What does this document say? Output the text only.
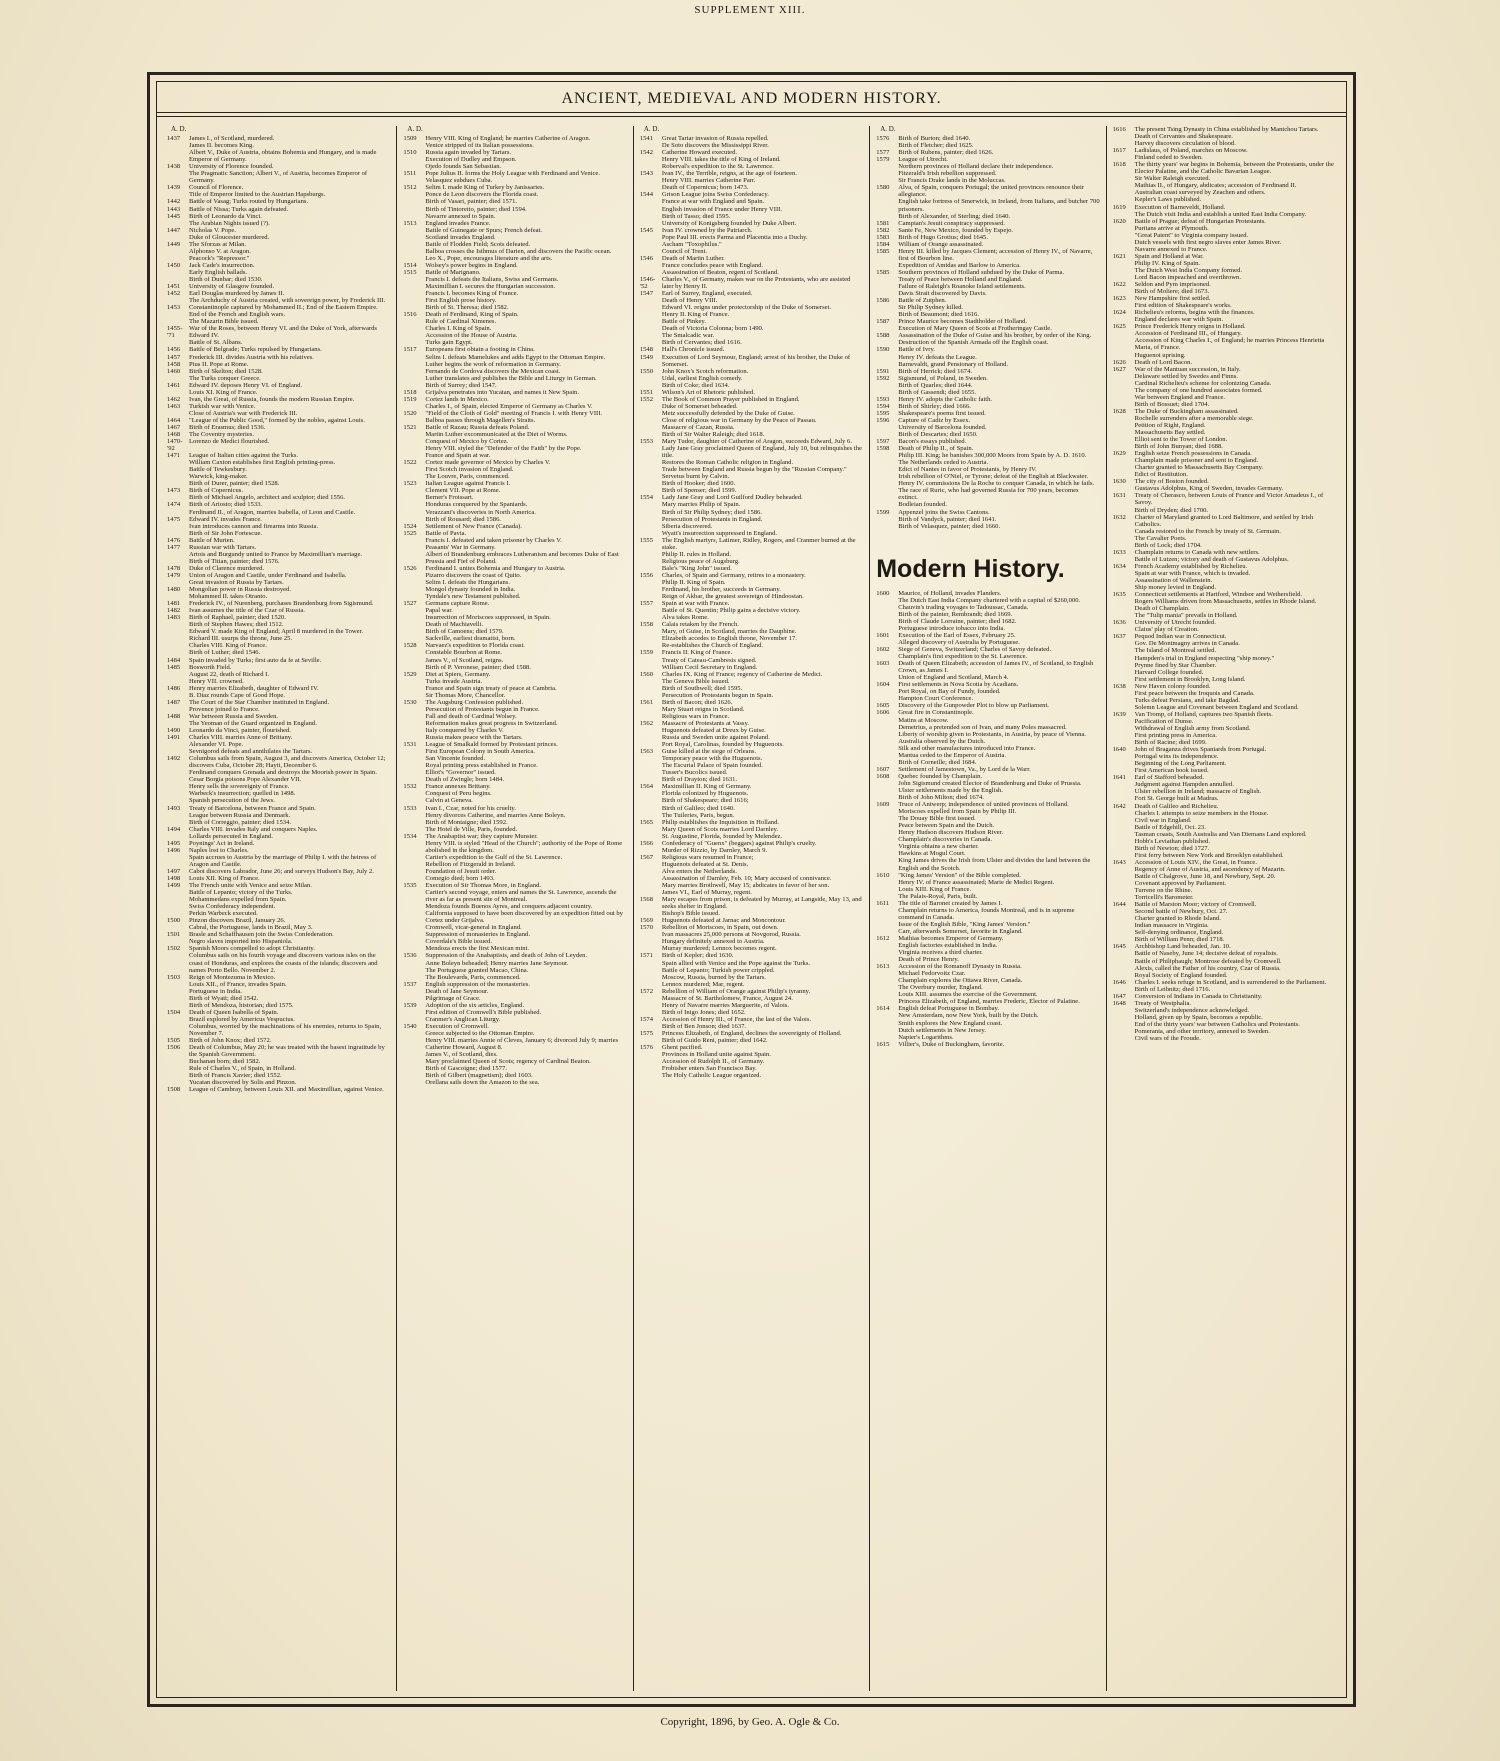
SUPPLEMENT XIII.
ANCIENT, MEDIEVAL AND MODERN HISTORY.
A. D.
1437	James I., of Scotland, murdered.
James II. becomes King.
Albert V., Duke of Austria, obtains Bohemia and Hungary, and is made Emperor of Germany.
1438	University of Florence founded.
The Pragmatic Sanction; Albert V., of Austria, becomes Emperor of Germany.
1439	Council of Florence.
Title of Emperor limited to the Austrian Hapsburgs.
1442	Battle of Vasag; Turks routed by Hungarians.
1443	Battle of Nissa; Turks again defeated.
1445	Birth of Leonardo da Vinci.
The Arabian Nights issued (?).
1447	Nicholas V. Pope.
Duke of Gloucester murdered.
1449	The Sforzas at Milan.
Alphonso V. at Aragon.
Peacock's "Repressor."
1450	Jack Cade's insurrection.
Early English ballads.
Birth of Dunbar; died 1530.
1451	University of Glasgow founded.
1452	Earl Douglas murdered by James II.
The Archduchy of Austria created, with sovereign power, by Frederick III.
1453	Constantinople captured by Mohammed II.; End of the Eastern Empire.
End of the French and English wars.
The Mazarin Bible issued.
1455-'71
War of the Roses, between Henry VI. and the Duke of York, afterwards Edward IV.
Battle of St. Albans.
1456	Battle of Belgrade; Turks repulsed by Hungarians.
1457	Frederick III. divides Austria with his relatives.
1458	Pius II. Pope at Rome.
1460	Birth of Skelton; died 1528.
The Turks conquer Greece.
1461	Edward IV. deposes Henry VI. of England.
Louis XI. King of France.
1462	Ivan, the Great, of Russia, founds the modern Russian Empire.
1463	Turkish war with Venice.
Close of Austria's war with Frederick III.
1464	"League of the Public Good," formed by the nobles, against Louis.
1467	Birth of Erasmus; died 1536.
1468	The Coventry mysteries.
1470-'92
Lorenzo de Medici flourished.
1471	League of Italian cities against the Turks.
William Caxton establishes first English printing-press.
Battle of Tewkesbury.
Warwick, king-maker.
Birth of Durer, painter; died 1528.
1473	Birth of Copernicus.
Birth of Michael Angelo, architect and sculptor; died 1556.
1474	Birth of Ariosto; died 1533.
Ferdinand II., of Aragon, marries Isabella, of Leon and Castile.
1475	Edward IV. invades France.
Ivan introduces cannon and firearms into Russia.
Birth of Sir John Fortescue.
1476	Battle of Murten.
1477	Russian war with Tartars.
Artois and Burgundy united to France by Maximillian's marriage.
Birth of Titian, painter; died 1576.
1478	Duke of Clarence murdered.
1479	Union of Aragon and Castile, under Ferdinand and Isabella.
Great invasion of Russia by Tartars.
1480	Mongolian power in Russia destroyed.
Mohammed II. takes Otranto.
1481	Frederick IV., of Nurenberg, purchases Brandenburg from Sigismund.
1482	Ivan assumes the title of the Czar of Russia.
1483	Birth of Raphael, painter; died 1520.
Birth of Stephen Hawes; died 1512.
Edward V. made King of England; April 8 murdered in the Tower.
Richard III. usurps the throne, June 25.
Charles VIII. King of France.
Birth of Luther; died 1546.
1484	Spain invaded by Turks; first auto da fe at Seville.
1485	Bosworth Field.
August 22, death of Richard I.
Henry VII. crowned.
1486	Henry marries Elizabeth, daughter of Edward IV.
B. Diaz rounds Cape of Good Hope.
1487	The Court of the Star Chamber instituted in England.
Provence joined to France.
1488	War between Russia and Sweden.
The Yeoman of the Guard organized in England.
1490	Leonardo da Vinci, painter, flourished.
1491	Charles VIII. marries Anne of Brittany.
Alexander VI. Pope.
Sevnigorod defeats and annihilates the Tartars.
1492	Columbus sails from Spain, August 3, and discovers America, October 12; discovers Cuba, October 28; Hayti, December 6.
Ferdinand conquers Grenada and destroys the Moorish power in Spain.
Cesar Borgia poisons Pope Alexander VII.
Henry sells the sovereignty of France.
Warbeck's insurrection; quelled in 1498.
Spanish persecution of the Jews.
1493	Treaty of Barcelona, between France and Spain.
League between Russia and Denmark.
Birth of Correggio, painter; died 1534.
1494	Charles VIII. invades Italy and conquers Naples.
Lollards persecuted in England.
1495	Poynings' Act in Ireland.
1496	Naples lost to Charles.
Spain accrues to Austria by the marriage of Philip I. with the heiress of Aragon and Castile.
1497	Cabot discovers Labrador, June 26; and surveys Hudson's Bay, July 2.
1498	Louis XII. King of France.
1499	The French unite with Venice and seize Milan.
Battle of Lepanto; victory of the Turks.
Mohammedans expelled from Spain.
Swiss Confederacy independent.
Perkin Warbeck executed.
1500	Pinzon discovers Brazil, January 26.
Cabral, the Portuguese, lands in Brazil, May 3.
1501	Brasle and Schaffhausen join the Swiss Confederation.
Negro slaves imported into Hispaniola.
1502	Spanish Moors compelled to adopt Christianity.
Columbus sails on his fourth voyage and discovers various isles on the coast of Honduras, and explores the coasts of the islands; discovers and names Porto Bello. November 2.
1503	Reign of Montezuma in Mexico.
Louis XII., of France, invades Spain.
Portuguese in India.
Birth of Wyatt; died 1542.
Birth of Mendoza, historian; died 1575.
1504	Death of Queen Isabella of Spain.
Brazil explored by Americus Vespucius.
Columbus, worried by the machinations of his enemies, returns to Spain, November 7.
1505	Birth of John Knox; died 1572.
1506	Death of Columbus, May 20; he was treated with the basest ingratitude by the Spanish Government.
Buchanan born; died 1582.
Rule of Charles V., of Spain, in Holland.
Birth of Francis Xavier; died 1552.
Yucatan discovered by Solis and Pinzon.
1508	League of Cambray, between Louis XII. and Maximillian, against Venice.
A. D.
1509	Henry VIII. King of England; he marries Catherine of Aragon.
Venice stripped of its Italian possessions.
1510	Russia again invaded by Tartars.
Execution of Dudley and Empson.
Ojedo founds San Sebastian.
1511	Pope Julius II. forms the Holy League with Ferdinand and Venice.
Velasquez subdues Cuba.
1512	Selim I. made King of Turkey by Janissaries.
Ponce de Leon discovers the Florida coast.
Birth of Vasari, painter; died 1571.
Birth of Tintoretto, painter; died 1594.
Navarre annexed to Spain.
1513	England invades France.
Battle of Guinegate or Spurs; French defeat.
Scotland invades England.
Battle of Flodden Field; Scots defeated.
Balboa crosses the Isthmus of Darien, and discovers the Pacific ocean.
Leo X., Pope, encourages literature and the arts.
1514	Wolsey's power begins in England.
1515	Battle of Marignano.
Francis I. defeats the Italians, Swiss and Germans.
Maximillian I. secures the Hungarian succession.
Francis I. becomes King of France.
First English prose history.
Birth of St. Theresa; died 1582.
1516	Death of Ferdinand, King of Spain.
Rule of Cardinal Ximenes.
Charles I. King of Spain.
Accession of the House of Austria.
Turks gain Egypt.
1517	Europeans first obtain a footing in China.
Selim I. defeats Mamelukes and adds Egypt to the Ottoman Empire.
Luther begins the work of reformation in Germany.
Fernando de Cordova discovers the Mexican coast.
Luther translates and publishes the Bible and Liturgy in German.
Birth of Surrey; died 1547.
1518	Grijalva penetrates into Yucatan, and names it New Spain.
1519	Cortez lands in Mexico.
Charles I., of Spain, elected Emperor of Germany as Charles V.
1520	"Field of the Cloth of Gold" meeting of Francis I. with Henry VIII.
Balboa passes through Magellen's Straits.
1521	Battle of Razau; Russia defeats Poland.
Martin Luther excommunicated at the Diet of Worms.
Conquest of Mexico by Cortez.
Henry VIII. styled the "Defender of the Faith" by the Pope.
France and Spain at war.
1522	Cortez made governor of Mexico by Charles V.
First Scotch invasion of England.
The Louvre, Paris, commenced.
1523	Italian League against Francis I.
Clement VII. Pope at Rome.
Berner's Froissart.
Honduras conquered by the Spaniards.
Verazzani's discoveries in North America.
Birth of Rousard; died 1586.
1524	Settlement of New France (Canada).
1525	Battle of Pavia.
Francis I. defeated and taken prisoner by Charles V.
Peasants' War in Germany.
Albert of Brandenburg embraces Lutheranism and becomes Duke of East Prussia and Fief of Poland.
1526	Ferdinand I. unites Bohemia and Hungary to Austria.
Pizarro discovers the coast of Quito.
Selim I. defeats the Hungarians.
Mongol dynasty founded in India.
Tyndale's new Testament published.
1527	Germans capture Rome.
Papal war.
Insurrection of Moriscoes suppressed, in Spain.
Death of Machiavelli.
Birth of Camoens; died 1579.
Sackville, earliest dramatist, born.
1528	Narvaez's expedition to Florida coast.
Constable Bourbon at Rome.
James V., of Scotland, reigns.
Birth of P. Veronese, painter; died 1588.
1529	Diet at Spiers, Germany.
Turks invade Austria.
France and Spain sign treaty of peace at Cambria.
Sir Thomas More, Chancellor.
1530	The Augsburg Confession published.
Persecution of Protestants begun in France.
Fall and death of Cardinal Wolsey.
Reformation makes great progress in Switzerland.
Italy conquered by Charles V.
Russia makes peace with the Tartars.
1531	League of Smalkald formed by Protestant princes.
First European Colony in South America.
San Vincente founded.
Royal printing press established in France.
Elliot's "Governor" issued.
Death of Zwingle; born 1484.
1532	France annexes Brittany.
Conquest of Peru begins.
Calvin at Geneva.
1533	Ivan I., Czar, noted for his cruelty.
Henry divorces Catherine, and marries Anne Boleyn.
Birth of Montaigne; died 1592.
The Hotel de Ville, Paris, founded.
1534	The Anabaptist war; they capture Munster.
Henry VIII. is styled "Head of the Church"; authority of the Pope of Rome abolished in the kingdom.
Cartier's expedition to the Gulf of the St. Lawrence.
Rebellion of Fitzgerald in Ireland.
Foundation of Jesuit order.
Comegio died; born 1493.
1535	Execution of Sir Thomas More, in England.
Cartier's second voyage, enters and names the St. Lawrence, ascends the river as far as present site of Montreal.
Mendoza founds Buenos Ayres, and conquers adjacent country.
California supposed to have been discovered by an expedition fitted out by Cortez under Grijalva.
Cromwell, vicar-general in England.
Suppression of monasteries in England.
Coverdale's Bible issued.
Mendoza erects the first Mexican mint.
1536	Suppression of the Anabaptists, and death of John of Leyden.
Anne Boleyn beheaded; Henry marries Jane Seymour.
The Portuguese granted Macao, China.
The Boulevards, Paris, commenced.
1537	English suppression of the monasteries.
Death of Jane Seymour.
Pilgrimage of Grace.
1539	Adoption of the six articles, England.
First edition of Cromwell's Bible published.
Cranmer's Anglican Liturgy.
1540	Execution of Cromwell.
Greece subjected to the Ottoman Empire.
Henry VIII. marries Annie of Cleves, January 6; divorced July 9; marries Catherine Howard, August 8.
James V., of Scotland, dies.
Mary proclaimed Queen of Scots; regency of Cardinal Beaton.
Birth of Gascoigne; died 1577.
Birth of Gilbert (magnetism); died 1603.
Orellana sails down the Amazon to the sea.
A. D.
1541	Great Tartar invasion of Russia repelled.
De Soto discovers the Mississippi River.
1542	Catherine Howard executed.
Henry VIII. takes the title of King of Ireland.
Roberval's expedition to the St. Lawrence.
1543	Ivan IV., the Terrible, reigns, at the age of fourteen.
Henry VIII. marries Catherine Parr.
Death of Copernicus; born 1473.
1544	Grison League joins Swiss Confederacy.
France at war with England and Spain.
English invasion of France under Henry VIII.
Birth of Tasso; died 1595.
University of Konigsberg founded by Duke Albert.
1545	Ivan IV. crowned by the Patriarch.
Pope Paul III. erects Parma and Placentia into a Duchy.
Ascham "Toxophilus."
Council of Trent.
1546	Death of Martin Luther.
France concludes peace with England.
Assassination of Beaton, regent of Scotland.
1546-'52
Charles V., of Germany, makes war on the Protestants, who are assisted later by Henry II.
1547	Earl of Surrey, England, executed.
Death of Henry VIII.
Edward VI. reigns under protectorship of the Duke of Somerset.
Henry II. King of France.
Battle of Pinkey.
Death of Victoria Colonna; born 1490.
The Smalcadic war.
Birth of Cervantes; died 1616.
1548	Hall's Chronicle issued.
1549	Execution of Lord Seymour, England; arrest of his brother, the Duke of Somerset.
1550	John Knox's Scotch reformation.
Udal, earliest English comedy.
Birth of Coke; died 1634.
1551	Wilson's Art of Rhetoric published.
1552	The Book of Common Prayer published in England.
Duke of Somerset beheaded.
Metz successfully defended by the Duke of Guise.
Close of religious war in Germany by the Peace of Passau.
Massacre of Cazan, Russia.
Birth of Sir Walter Raleigh; died 1618.
1553	Mary Tudor, daughter of Catherine of Aragon, succeeds Edward, July 6.
Lady Jane Gray proclaimed Queen of England, July 10, but relinquishes the title.
Restores the Roman Catholic religion in England.
Trade between England and Russia begun by the "Russian Company."
Servetus burnt by Calvin.
Birth of Hooker; died 1600.
Birth of Spenser; died 1599.
1554	Lady Jane Gray and Lord Guilford Dudley beheaded.
Mary marries Philip of Spain.
Birth of Sir Philip Sydney; died 1586.
Persecution of Protestants in England.
Siberia discovered.
Wyatt's insurrection suppressed in England.
1555	The English martyrs, Latimer, Ridley, Rogers, and Cranmer burned at the stake.
Philip II. rules in Holland.
Religious peace of Augsburg.
Bale's "King John" issued.
1556	Charles, of Spain and Germany, retires to a monastery.
Philip II. King of Spain.
Ferdinand, his brother, succeeds in Germany.
Reign of Akbar, the greatest sovereign of Hindoostan.
1557	Spain at war with France.
Battle of St. Quentin; Philip gains a decisive victory.
Alva takes Rome.
1558	Calais retaken by the French.
Mary, of Guise, in Scotland, marries the Dauphine.
Elizabeth accedes to English throne, November 17.
Re-establishes the Church of England.
1559	Francis II. King of France.
Treaty of Cateau-Cambresis signed.
William Cecil Secretary in England.
1560	Charles IX. King of France; regency of Catherine de Medici.
The Geneva Bible issued.
Birth of Southwell; died 1595.
Persecution of Protestants begun in Spain.
1561	Birth of Bacon; died 1626.
Mary Stuart reigns in Scotland.
Religious wars in France.
1562	Massacre of Protestants at Vassy.
Huguenots defeated at Dreux by Guise.
Russia and Sweden unite against Poland.
Port Royal, Carolinas, founded by Huguenots.
1563	Guise killed at the siege of Orleans.
Temporary peace with the Huguenots.
The Escurial Palace of Spain founded.
Tusser's Bucolics issued.
Birth of Drayton; died 1631.
1564	Maximillian II. King of Germany.
Florida colonized by Huguenots.
Birth of Shakespeare; died 1616;
Birth of Galileo; died 1640.
The Tuileries, Paris, begun.
1565	Philip establishes the Inquisition in Holland.
Mary Queen of Scots marries Lord Darnley.
St. Augustine, Florida, founded by Melendez.
1566	Confederacy of "Guenx" (beggars) against Philip's cruelty.
Murder of Rizzio, by Darnley, March 9.
1567	Religious wars resumed in France;
Huguenots defeated at St. Denis.
Alva enters the Netherlands.
Assassination of Darnley, Feb. 10; Mary accused of connivance.
Mary marries Brothwell, May 15; abdicates in favor of her son.
James VI., Earl of Murray, regent.
1568	Mary escapes from prison, is defeated by Murray, at Langside, May 13, and seeks shelter in England.
Bishop's Bible issued.
1569	Huguenots defeated at Jarnac and Moncontour.
1570	Rebellion of Moriscoes, in Spain, out down.
Ivan massacres 25,000 persons at Novgorod, Russia.
Hungary definitely annexed to Austria.
Murray murdered; Lennox becomes regent.
1571	Birth of Kepler; died 1630.
Spain allied with Venice and the Pope against the Turks.
Battle of Lepanto; Turkish power crippled.
Moscow, Russia, burned by the Tartars.
Lennox murdered; Mar, regent.
1572	Rebellion of William of Orange against Philip's tyranny.
Massacre of St. Bartholomew, France, August 24.
Henry of Navarre marries Marguerite, of Valois.
Birth of Inigo Jones; died 1652.
1574	Accession of Henry III., of France, the last of the Valois.
Birth of Ben Jonson; died 1637.
1575	Princess Elizabeth, of England, declines the sovereignty of Holland.
Birth of Guido Reni, painter; died 1642.
1576	Ghent pacified.
Provinces in Holland unite against Spain.
Accession of Rudolph II., of Germany.
Frobisher enters San Francisco Bay.
The Holy Catholic League organized.
A. D.
1576	Birth of Burton; died 1640.
Birth of Fletcher; died 1625.
1577	Birth of Rubens, painter; died 1626.
1579	League of Utrecht.
Northern provinces of Holland declare their independence.
Fitzerald's Irish rebellion suppressed.
Sir Francis Drake lands in the Moluccas.
1580	Alva, of Spain, conquers Portugal; the united provinces renounce their allegiance.
English take fortress of Smerwick, in Ireland, from Italians, and butcher 700 prisoners.
Birth of Alexander, of Sterling; died 1640.
1581	Campian's Jesuit conspiracy suppressed.
1582	Sante Fe, New Mexico, founded by Espejo.
1583	Birth of Hugo Grotius; died 1645.
1584	William of Orange assassinated.
1585	Henry III. killed by Jacques Clement; accession of Henry IV., of Navarre, first of Bourbon line.
Expedition of Amidas and Barlow to America.
1585	Southern provinces of Holland subdued by the Duke of Parma.
Treaty of Peace between Holland and England.
Failure of Raleigh's Roanoke Island settlements.
Davis Strait discovered by Davis.
1586	Battle of Zutphen.
Sir Philip Sydney killed.
Birth of Beaumont; died 1616.
1587	Prince Maurice becomes Stadtholder of Holland.
Execution of Mary Queen of Scots at Frotheringay Castle.
1588	Assassination of the Duke of Guise and his brother, by order of the King.
Destruction of the Spanish Armada off the English coast.
1590	Battle of Ivry.
Henry IV. defeats the League.
Barnevaldt, grand Pensionary of Holland.
1591	Birth of Herrick; died 1674.
1592	Sigismund, of Poland, in Sweden.
Birth of Quarles; died 1644.
Birth of Gassendi; died 1655.
1593	Henry IV. adopts the Catholic faith.
1594	Birth of Shirley; died 1666.
1595	Shakespeare's poems first issued.
1596	Capture of Cadiz by Essex.
University of Barcelona founded.
Birth of Descartes; died 1650.
1597	Bacon's essays published.
1598	Death of Philip II., of Spain.
Philip III. King; he banishes 300,000 Moors from Spain by A. D. 1610.
The Netherlands ceded to Austria.
Edict of Nantes in favor of Protestants, by Henry IV.
Irish rebellion of O'Niel, or Tyrone; defeat of the English at Blackwater.
Henry IV. commissions De la Roche to conquer Canada, in which he fails.
The race of Ruric, who had governed Russia for 700 years, becomes extinct.
Bodleian founded.
1599	Appenzel joins the Swiss Cantons.
Birth of Vandyck, painter; died 1641.
Birth of Velasquez, painter; died 1660.
Modern History.
1600	Maurice, of Holland, invades Flanders.
The Dutch East India Company chartered with a capital of $260,000.
Chauvin's trading voyages to Tadoussac, Canada.
Birth of the painter, Rembrandt; died 1669.
Birth of Claude Lorraine, painter; died 1682.
Portuguese introduce tobacco into India.
1601	Execution of the Earl of Essex, February 25.
Alleged discovery of Australia by Portuguese.
1602	Siege of Geneva, Switzerland; Charles of Savoy defeated.
Champlain's first expedition to the St. Lawrence.
1603	Death of Queen Elizabeth; accession of James IV., of Scotland, to English Crown, as James I.
Union of England and Scotland, March 4.
1604	First settlements in Nova Scotia by Acadians.
Port Royal, on Bay of Fundy, founded.
Hampton Court Conference.
1605	Discovery of the Gunpowder Plot to blow up Parliament.
1606	Great fire in Constantinople.
Matins at Moscow.
Demetrius, a pretended son of Ivan, and many Poles massacred.
Liberty of worship given to Protestants, in Austria, by peace of Vienna.
Australia observed by the Dutch.
Silk and other manufactures introduced into France.
Mantua ceded to the Emperor of Austria.
Birth of Corneille; died 1684.
1607	Settlement of Jamestown, Va., by Lord de la Warr.
1608	Quebec founded by Champlain.
John Sigismund created Elector of Brandenburg and Duke of Prussia.
Ulster settlements made by the English.
Birth of John Milton; died 1674.
1609	Truce of Antwerp; independence of united provinces of Holland.
Moriscoes expelled from Spain by Philip III.
The Douay Bible first issued.
Peace between Spain and the Dutch.
Henry Hudson discovers Hudson River.
Champlain's discoveries in Canada.
Virginia obtains a new charter.
Hawkins at Mogul Court.
King James drives the Irish from Ulster and divides the land between the English and the Scotch.
1610	"King James' Version" of the Bible completed.
Henry IV. of France assassinated; Marie de Medici Regent.
Louis XIII. King of France.
The Palais-Royal, Paris, built.
1611	The title of Baronet created by James I.
Champlain returns to America, founds Montreal, and is in supreme command in Canada.
Issue of the English Bible, "King James' Version."
Carr, afterwards Somerset, favorite in England.
1612	Mathias becomes Emperor of Germany.
English factories established in India.
Virginia receives a third charter.
Death of Prince Henry.
1613	Accession of the Romanoff Dynasty in Russia.
Michael Fedorvoitz Czar.
Champlain explores the Ottawa River, Canada.
The Overbury murder, England.
Louis XIII. assumes the exercise of the Government.
Princess Elizabeth, of England, marries Frederic, Elector of Palatine.
1614	English defeat Portuguese in Bombay.
New Amsterdam, now New York, built by the Dutch.
Smith explores the New England coast.
Dutch settlements in New Jersey.
Napier's Logarithms.
1615	Villier's, Duke of Buckingham, favorite.
1616	The present Tsing Dynasty in China established by Mantchou Tartars.
Death of Cervantes and Shakespeare.
Harvey discovers circulation of blood.
1617	Ladislaus, of Poland, marches on Moscow.
Finland ceded to Sweden.
1618	The thirty years' war begins in Bohemia, between the Protestants, under the Elector Palatine, and the Catholic Bavarian League.
Sir Walter Raleigh executed.
Mathias II., of Hungary, abdicates; accession of Ferdinand II.
Australian coast surveyed by Zeachen and others.
Kepler's Laws published.
1619	Execution of Barneveldt, Holland.
The Dutch visit India and establish a united East India Company.
1620	Battle of Prague; defeat of Hungarian Protestants.
Puritans arrive at Plymouth.
"Great Patent" to Virginia company issued.
Dutch vessels with first negro slaves enter James River.
Navarre annexed to France.
1621	Spain and Holland at War.
Philip IV. King of Spain.
The Dutch West India Company formed.
Lord Bacon impeached and overthrown.
1622	Seldon and Pym imprisoned.
Birth of Moliere; died 1673.
1623	New Hampshire first settled.
First edition of Shakespeare's works.
1624	Richelieu's reforms, begins with the finances.
England declares war with Spain.
1625	Prince Frederick Henry reigns in Holland.
Accession of Ferdinand III., of Hungary.
Accession of King Charles I., of England; he marries Princess Henrietta Maria, of France.
Huguenot uprising.
1626	Death of Lord Bacon.
1627	War of the Mantuan succession, in Italy.
Delaware settled by Swedes and Finns.
Cardinal Richelieu's scheme for colonizing Canada.
The company of one hundred associates formed.
War between England and France.
Birth of Bossuet; died 1704.
1628	The Duke of Buckingham assassinated.
Rochelle surrenders after a memorable siege.
Petition of Right, England.
Massachusetts Bay settled.
Elliot sent to the Tower of London.
Birth of John Bunyan; died 1688.
1629	English seize French possessions in Canada.
Champlain made prisoner and sent to England.
Charter granted to Massachusetts Bay Company.
Edict of Restitution.
1630	The city of Boston founded.
Gustavus Adolphus, King of Sweden, invades Germany.
1631	Treaty of Cherasco, between Louis of France and Victor Amadeus I., of Savoy.
Birth of Dryden; died 1700.
1632	Charter of Maryland granted to Lord Baltimore, and settled by Irish Catholics.
Canada restored to the French by treaty of St. Germain.
The Cavalier Poets.
Birth of Lock; died 1704.
1633	Champlain returns to Canada with new settlers.
Battle of Lutzen; victory and death of Gustavus Adolphus.
1634	French Academy established by Richelieu.
Spain at war with France, which is invaded.
Assassination of Wallenstein.
Ship money levied in England.
1635	Connecticut settlements at Hartford, Windsor and Wethersfield.
Rogers Williams driven from Massachusetts, settles in Rhode Island.
Death of Champlain.
The "Tulip mania" prevails in Holland.
1636	University of Utrecht founded.
Claius' play of Creation.
1637	Pequod Indian war in Connecticut.
Gov. De Montmagny arrives in Canada.
The Island of Montreal settled.
Hampden's trial in England respecting "ship money."
Prynne fined by Star Chamber.
Harvard College founded.
First settlement in Brooklyn, Long Island.
1638	New Haven colony founded.
First peace between the Iroquois and Canada.
Turks defeat Persians, and take Bagdad.
Solemn League and Covenant between England and Scotland.
1639	Van Tromp, of Holland, captures two Spanish fleets.
Pacification of Dunse.
Withdrawal of English army from Scotland.
First printing press in America.
Birth of Racine; died 1699.
1640	John of Braganza drives Spaniards from Portugal.
Portugal wins its independence.
Beginning of the Long Parliament.
First American book issued.
1641	Earl of Stafford beheaded.
Judgment against Hampden annulled.
Ulster rebellion in Ireland; massacre of English.
Fort St. George built at Madras.
1642	Death of Galileo and Richelieu.
Charles I. attempts to seize members in the House.
Civil war in England.
Battle of Edgehill, Oct. 23.
Tasman coasts, South Australia and Van Diemans Land explored.
Hobb's Leviathan published.
Birth of Newton; died 1727.
First ferry between New York and Brooklyn established.
1643	Accession of Louis XIV., the Great, in France.
Regency of Anne of Austria, and ascendency of Mazarin.
Battle of Chalgrove, June 18, and Newbury, Sept. 20.
Covenant approved by Parliament.
Turrene on the Rhine.
Torricelli's Barometer.
1644	Battle of Marston Moor; victory of Cromwell.
Second battle of Newbury, Oct. 27.
Charter granted to Rhode Island.
Indian massacre in Virginia.
Self-denying ordinance, England.
Birth of William Penn; died 1718.
1645	Archbishop Land beheaded, Jan. 10.
Battle of Naseby, June 14; decisive defeat of royalists.
Battle of Philiphaugh; Montrose defeated by Cromwell.
Alexis, called the Father of his country, Czar of Russia.
Royal Society of England founded.
1646	Charles I. seeks refuge in Scotland, and is surrendered to the Parliament.
Birth of Leibnitz; died 1716.
1647	Conversion of Indians in Canada to Christianity.
1648	Treaty of Westphalia.
Switzerland's independence acknowledged.
Holland, given up by Spain, becomes a republic.
End of the thirty years' war between Catholics and Protestants.
Pomerania, and other territory, annexed to Sweden.
Civil wars of the Froude.
Copyright, 1896, by Geo. A. Ogle & Co.
